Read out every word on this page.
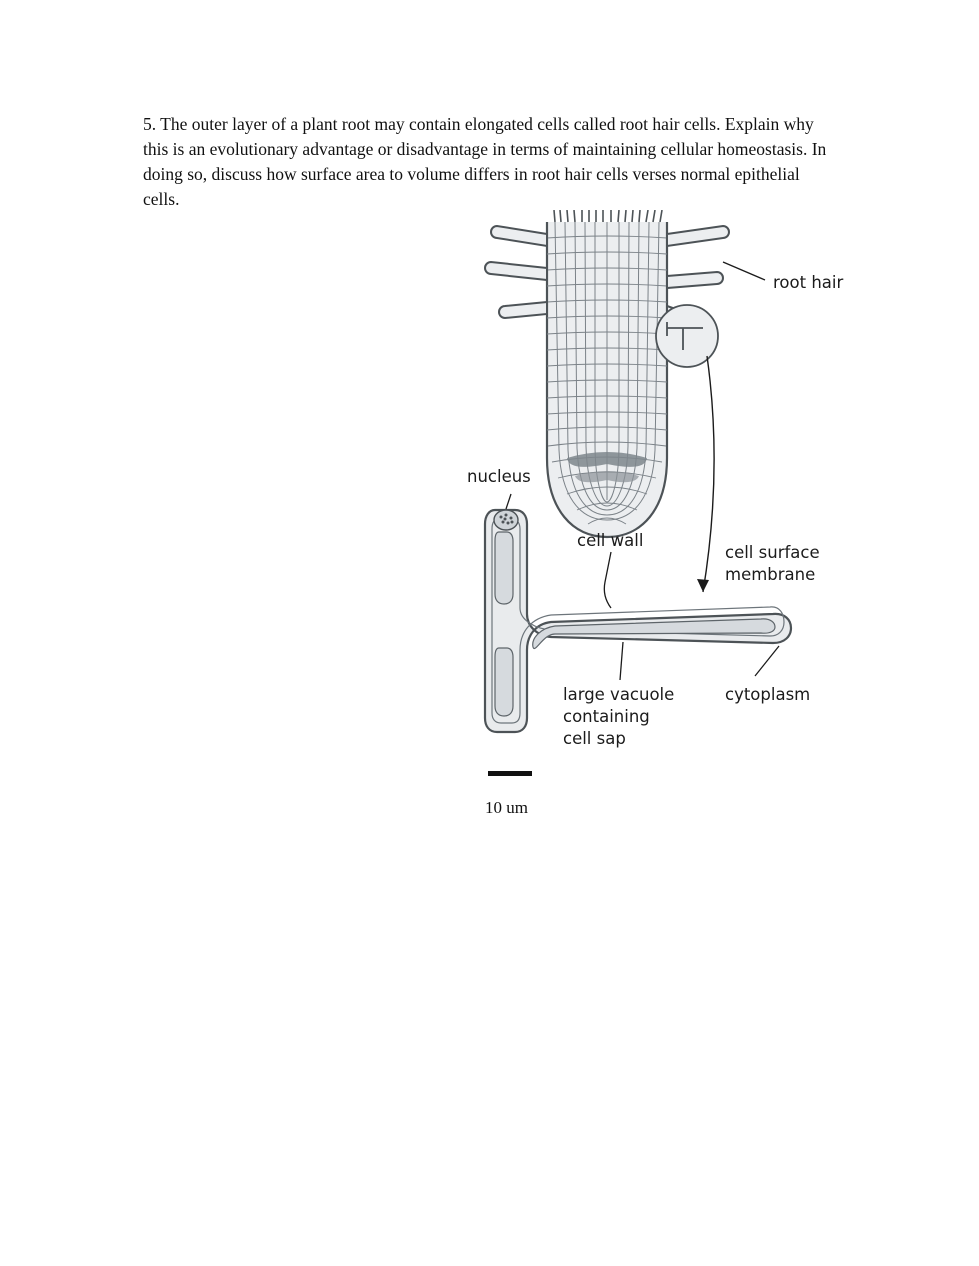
5. The outer layer of a plant root may contain elongated cells called root hair cells. Explain why this is an evolutionary advantage or disadvantage in terms of maintaining cellular homeostasis. In doing so, discuss how surface area to volume differs in root hair cells verses normal epithelial cells.
root hair
nucleus
cell wall
cell surface
membrane
cytoplasm
large vacuole
containing
cell sap
10 um
